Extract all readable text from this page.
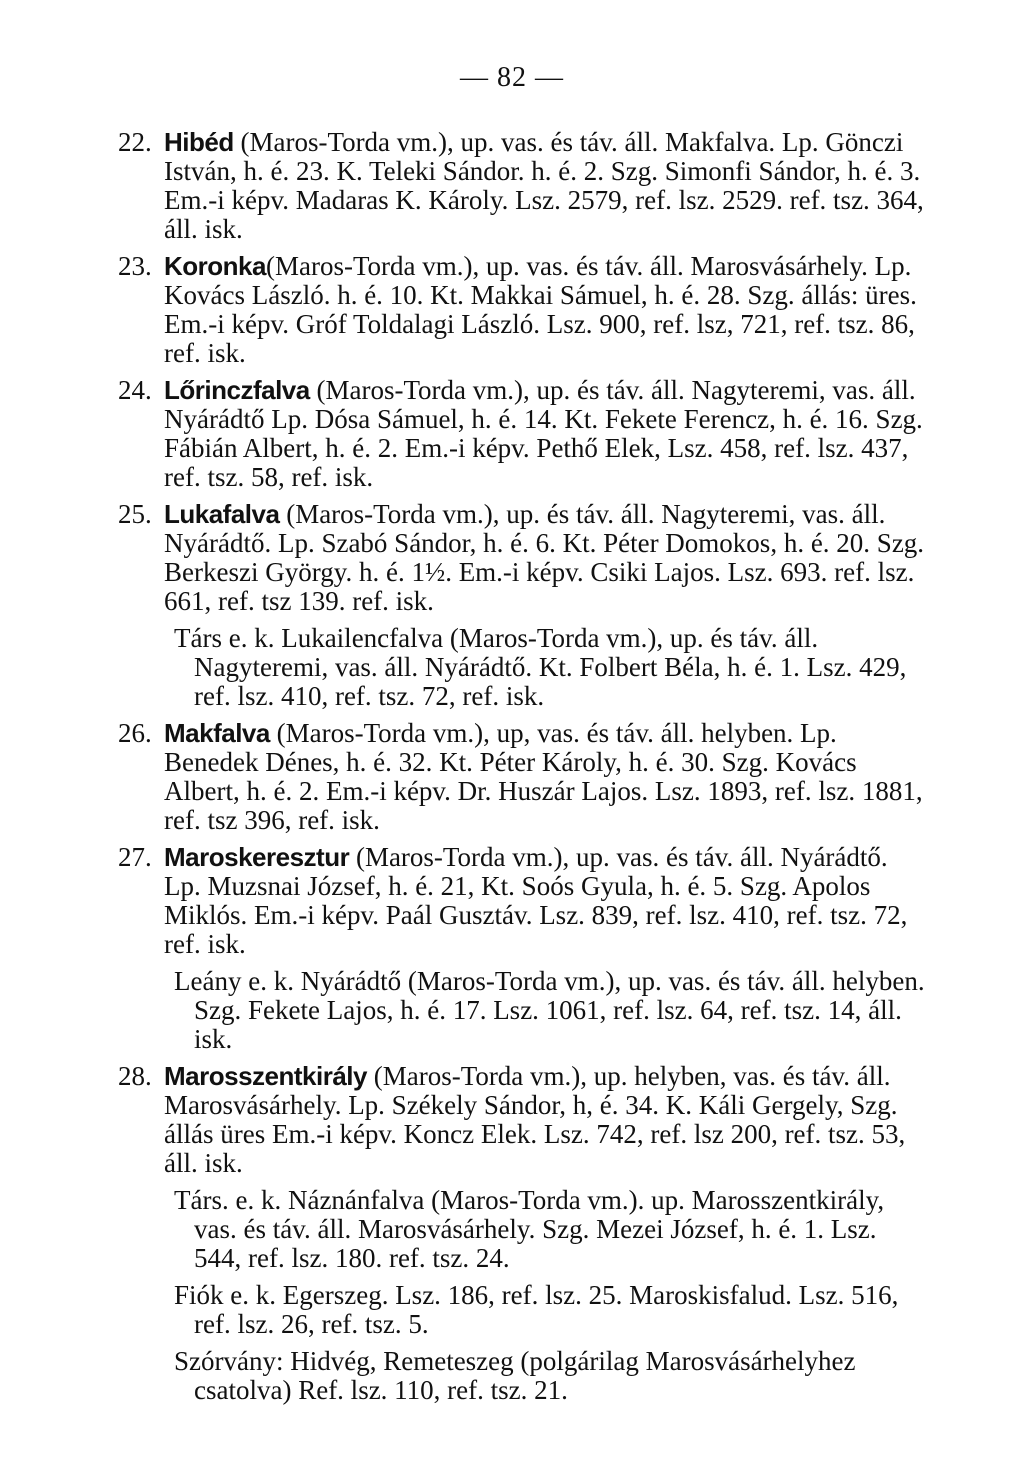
— 82 —
22. Hibéd (Maros-Torda vm.), up. vas. és táv. áll. Makfalva. Lp. Gönczi István, h. é. 23. K. Teleki Sándor. h. é. 2. Szg. Simonfi Sándor, h. é. 3. Em.-i képv. Madaras K. Károly. Lsz. 2579, ref. lsz. 2529. ref. tsz. 364, áll. isk.

23. Koronka(Maros-Torda vm.), up. vas. és táv. áll. Marosvásárhely. Lp. Kovács László. h. é. 10. Kt. Makkai Sámuel, h. é. 28. Szg. állás: üres. Em.-i képv. Gróf Toldalagi László. Lsz. 900, ref. lsz, 721, ref. tsz. 86, ref. isk.

24. Lőrinczfalva (Maros-Torda vm.), up. és táv. áll. Nagyteremi, vas. áll. Nyárádtő Lp. Dósa Sámuel, h. é. 14. Kt. Fekete Ferencz, h. é. 16. Szg. Fábián Albert, h. é. 2. Em.-i képv. Pethő Elek, Lsz. 458, ref. lsz. 437, ref. tsz. 58, ref. isk.

25. Lukafalva (Maros-Torda vm.), up. és táv. áll. Nagyteremi, vas. áll. Nyárádtő. Lp. Szabó Sándor, h. é. 6. Kt. Péter Domokos, h. é. 20. Szg. Berkeszi György. h. é. 1½. Em.-i képv. Csiki Lajos. Lsz. 693. ref. lsz. 661, ref. tsz 139. ref. isk.

Társ e. k. Lukailencfalva (Maros-Torda vm.), up. és táv. áll. Nagyteremi, vas. áll. Nyárádtő. Kt. Folbert Béla, h. é. 1. Lsz. 429, ref. lsz. 410, ref. tsz. 72, ref. isk.

26. Makfalva (Maros-Torda vm.), up, vas. és táv. áll. helyben. Lp. Benedek Dénes, h. é. 32. Kt. Péter Károly, h. é. 30. Szg. Kovács Albert, h. é. 2. Em.-i képv. Dr. Huszár Lajos. Lsz. 1893, ref. lsz. 1881, ref. tsz 396, ref. isk.

27. Maroskeresztur (Maros-Torda vm.), up. vas. és táv. áll. Nyárádtő. Lp. Muzsnai József, h. é. 21, Kt. Soós Gyula, h. é. 5. Szg. Apolos Miklós. Em.-i képv. Paál Gusztáv. Lsz. 839, ref. lsz. 410, ref. tsz. 72, ref. isk.

Leány e. k. Nyárádtő (Maros-Torda vm.), up. vas. és táv. áll. helyben. Szg. Fekete Lajos, h. é. 17. Lsz. 1061, ref. lsz. 64, ref. tsz. 14, áll. isk.

28. Marosszentkirály (Maros-Torda vm.), up. helyben, vas. és táv. áll. Marosvásárhely. Lp. Székely Sándor, h, é. 34. K. Káli Gergely, Szg. állás üres Em.-i képv. Koncz Elek. Lsz. 742, ref. lsz 200, ref. tsz. 53, áll. isk.

Társ. e. k. Náznánfalva (Maros-Torda vm.). up. Marosszentkirály, vas. és táv. áll. Marosvásárhely. Szg. Mezei József, h. é. 1. Lsz. 544, ref. lsz. 180. ref. tsz. 24.

Fiók e. k. Egerszeg. Lsz. 186, ref. lsz. 25. Maroskisfalud. Lsz. 516, ref. lsz. 26, ref. tsz. 5.

Szórvány: Hidvég, Remeteszeg (polgárilag Marosvásárhelyhez csatolva) Ref. lsz. 110, ref. tsz. 21.
